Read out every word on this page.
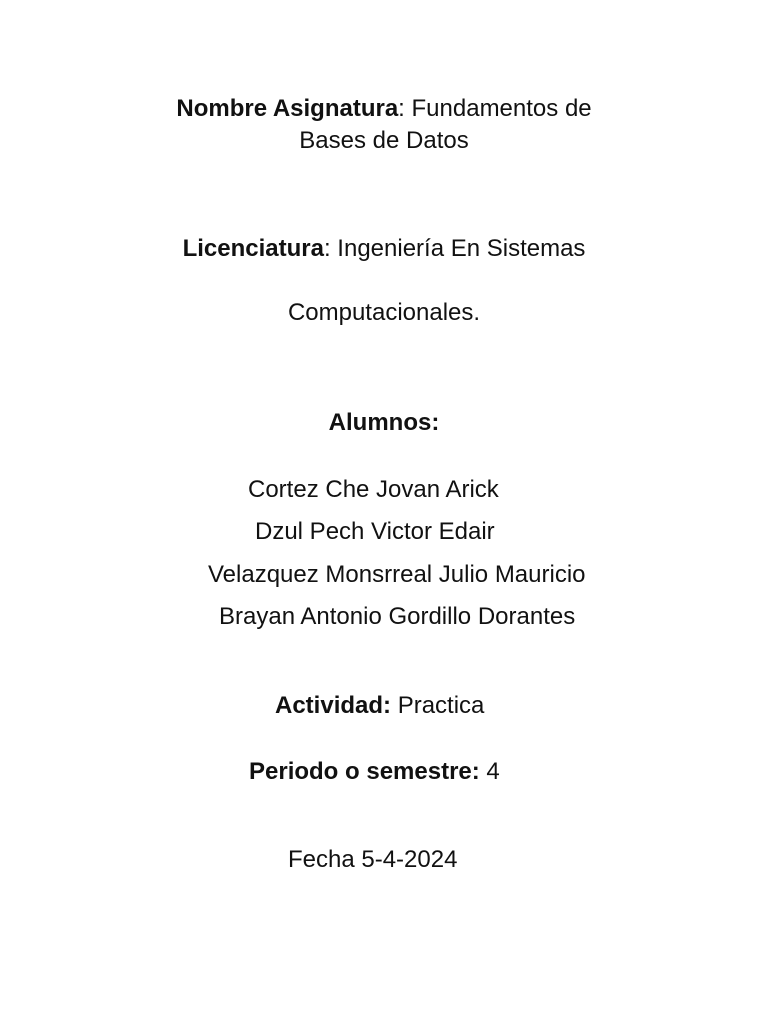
Nombre Asignatura: Fundamentos de
Bases de Datos
Licenciatura: Ingeniería En Sistemas
Computacionales.
Alumnos:
Cortez Che Jovan Arick
Dzul Pech Victor Edair
Velazquez Monsrreal Julio Mauricio
Brayan Antonio Gordillo Dorantes
Actividad: Practica
Periodo o semestre: 4
Fecha 5-4-2024
